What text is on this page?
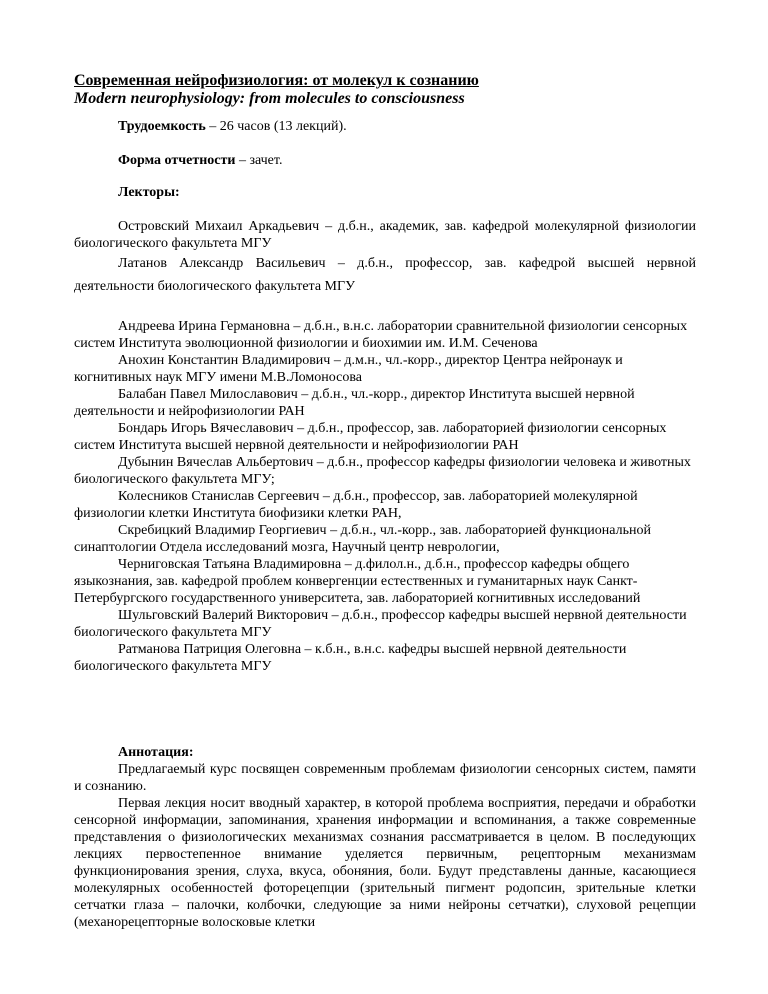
Современная нейрофизиология: от молекул к сознанию
Modern neurophysiology: from molecules to consciousness
Трудоемкость – 26 часов (13 лекций).
Форма отчетности – зачет.
Лекторы:

Островский Михаил Аркадьевич – д.б.н., академик, зав. кафедрой молекулярной физиологии биологического факультета МГУ

Латанов Александр Васильевич – д.б.н., профессор, зав. кафедрой высшей нервной деятельности биологического факультета МГУ

Андреева Ирина Германовна – д.б.н., в.н.с. лаборатории сравнительной физиологии сенсорных систем Института эволюционной физиологии и биохимии им. И.М. Сеченова

Анохин Константин Владимирович – д.м.н., чл.-корр., директор Центра нейронаук и когнитивных наук МГУ имени М.В.Ломоносова

Балабан Павел Милославович – д.б.н., чл.-корр., директор Института высшей нервной деятельности и нейрофизиологии РАН

Бондарь Игорь Вячеславович – д.б.н., профессор, зав. лабораторией физиологии сенсорных систем Института высшей нервной деятельности и нейрофизиологии РАН

Дубынин Вячеслав Альбертович – д.б.н., профессор кафедры физиологии человека и животных биологического факультета МГУ;

Колесников Станислав Сергеевич – д.б.н., профессор, зав. лабораторией молекулярной физиологии клетки Института биофизики клетки РАН,

Скребицкий Владимир Георгиевич – д.б.н., чл.-корр., зав. лабораторией функциональной синаптологии Отдела исследований мозга, Научный центр неврологии,

Черниговская Татьяна Владимировна – д.филол.н., д.б.н., профессор кафедры общего языкознания, зав. кафедрой проблем конвергенции естественных и гуманитарных наук Санкт-Петербургского государственного университета, зав. лабораторией когнитивных исследований

Шульговский Валерий Викторович – д.б.н., профессор кафедры высшей нервной деятельности биологического факультета МГУ

Ратманова Патриция Олеговна – к.б.н., в.н.с. кафедры высшей нервной деятельности биологического факультета МГУ

Аннотация:

Предлагаемый курс посвящен современным проблемам физиологии сенсорных систем, памяти и сознанию.

Первая лекция носит вводный характер, в которой проблема восприятия, передачи и обработки сенсорной информации, запоминания, хранения информации и вспоминания, а также современные представления о физиологических механизмах сознания рассматривается в целом. В последующих лекциях первостепенное внимание уделяется первичным, рецепторным механизмам функционирования зрения, слуха, вкуса, обоняния, боли. Будут представлены данные, касающиеся молекулярных особенностей фоторецепции (зрительный пигмент родопсин, зрительные клетки сетчатки глаза – палочки, колбочки, следующие за ними нейроны сетчатки), слуховой рецепции (механорецепторные волосковые клетки
